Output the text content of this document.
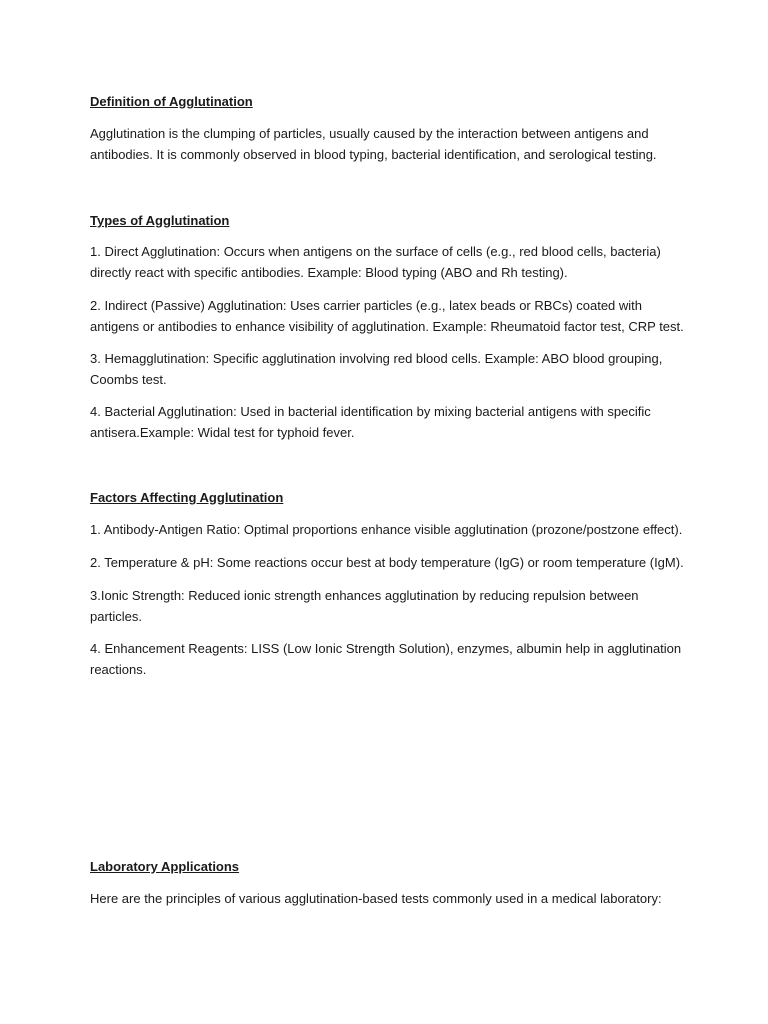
Definition of Agglutination
Agglutination is the clumping of particles, usually caused by the interaction between antigens and antibodies. It is commonly observed in blood typing, bacterial identification, and serological testing.
Types of Agglutination
1. Direct Agglutination: Occurs when antigens on the surface of cells (e.g., red blood cells, bacteria) directly react with specific antibodies. Example: Blood typing (ABO and Rh testing).
2. Indirect (Passive) Agglutination: Uses carrier particles (e.g., latex beads or RBCs) coated with antigens or antibodies to enhance visibility of agglutination. Example: Rheumatoid factor test, CRP test.
3. Hemagglutination: Specific agglutination involving red blood cells. Example: ABO blood grouping, Coombs test.
4. Bacterial Agglutination: Used in bacterial identification by mixing bacterial antigens with specific antisera.Example: Widal test for typhoid fever.
Factors Affecting Agglutination
1. Antibody-Antigen Ratio: Optimal proportions enhance visible agglutination (prozone/postzone effect).
2. Temperature & pH: Some reactions occur best at body temperature (IgG) or room temperature (IgM).
3.Ionic Strength: Reduced ionic strength enhances agglutination by reducing repulsion between particles.
4. Enhancement Reagents: LISS (Low Ionic Strength Solution), enzymes, albumin help in agglutination reactions.
Laboratory Applications
Here are the principles of various agglutination-based tests commonly used in a medical laboratory:
